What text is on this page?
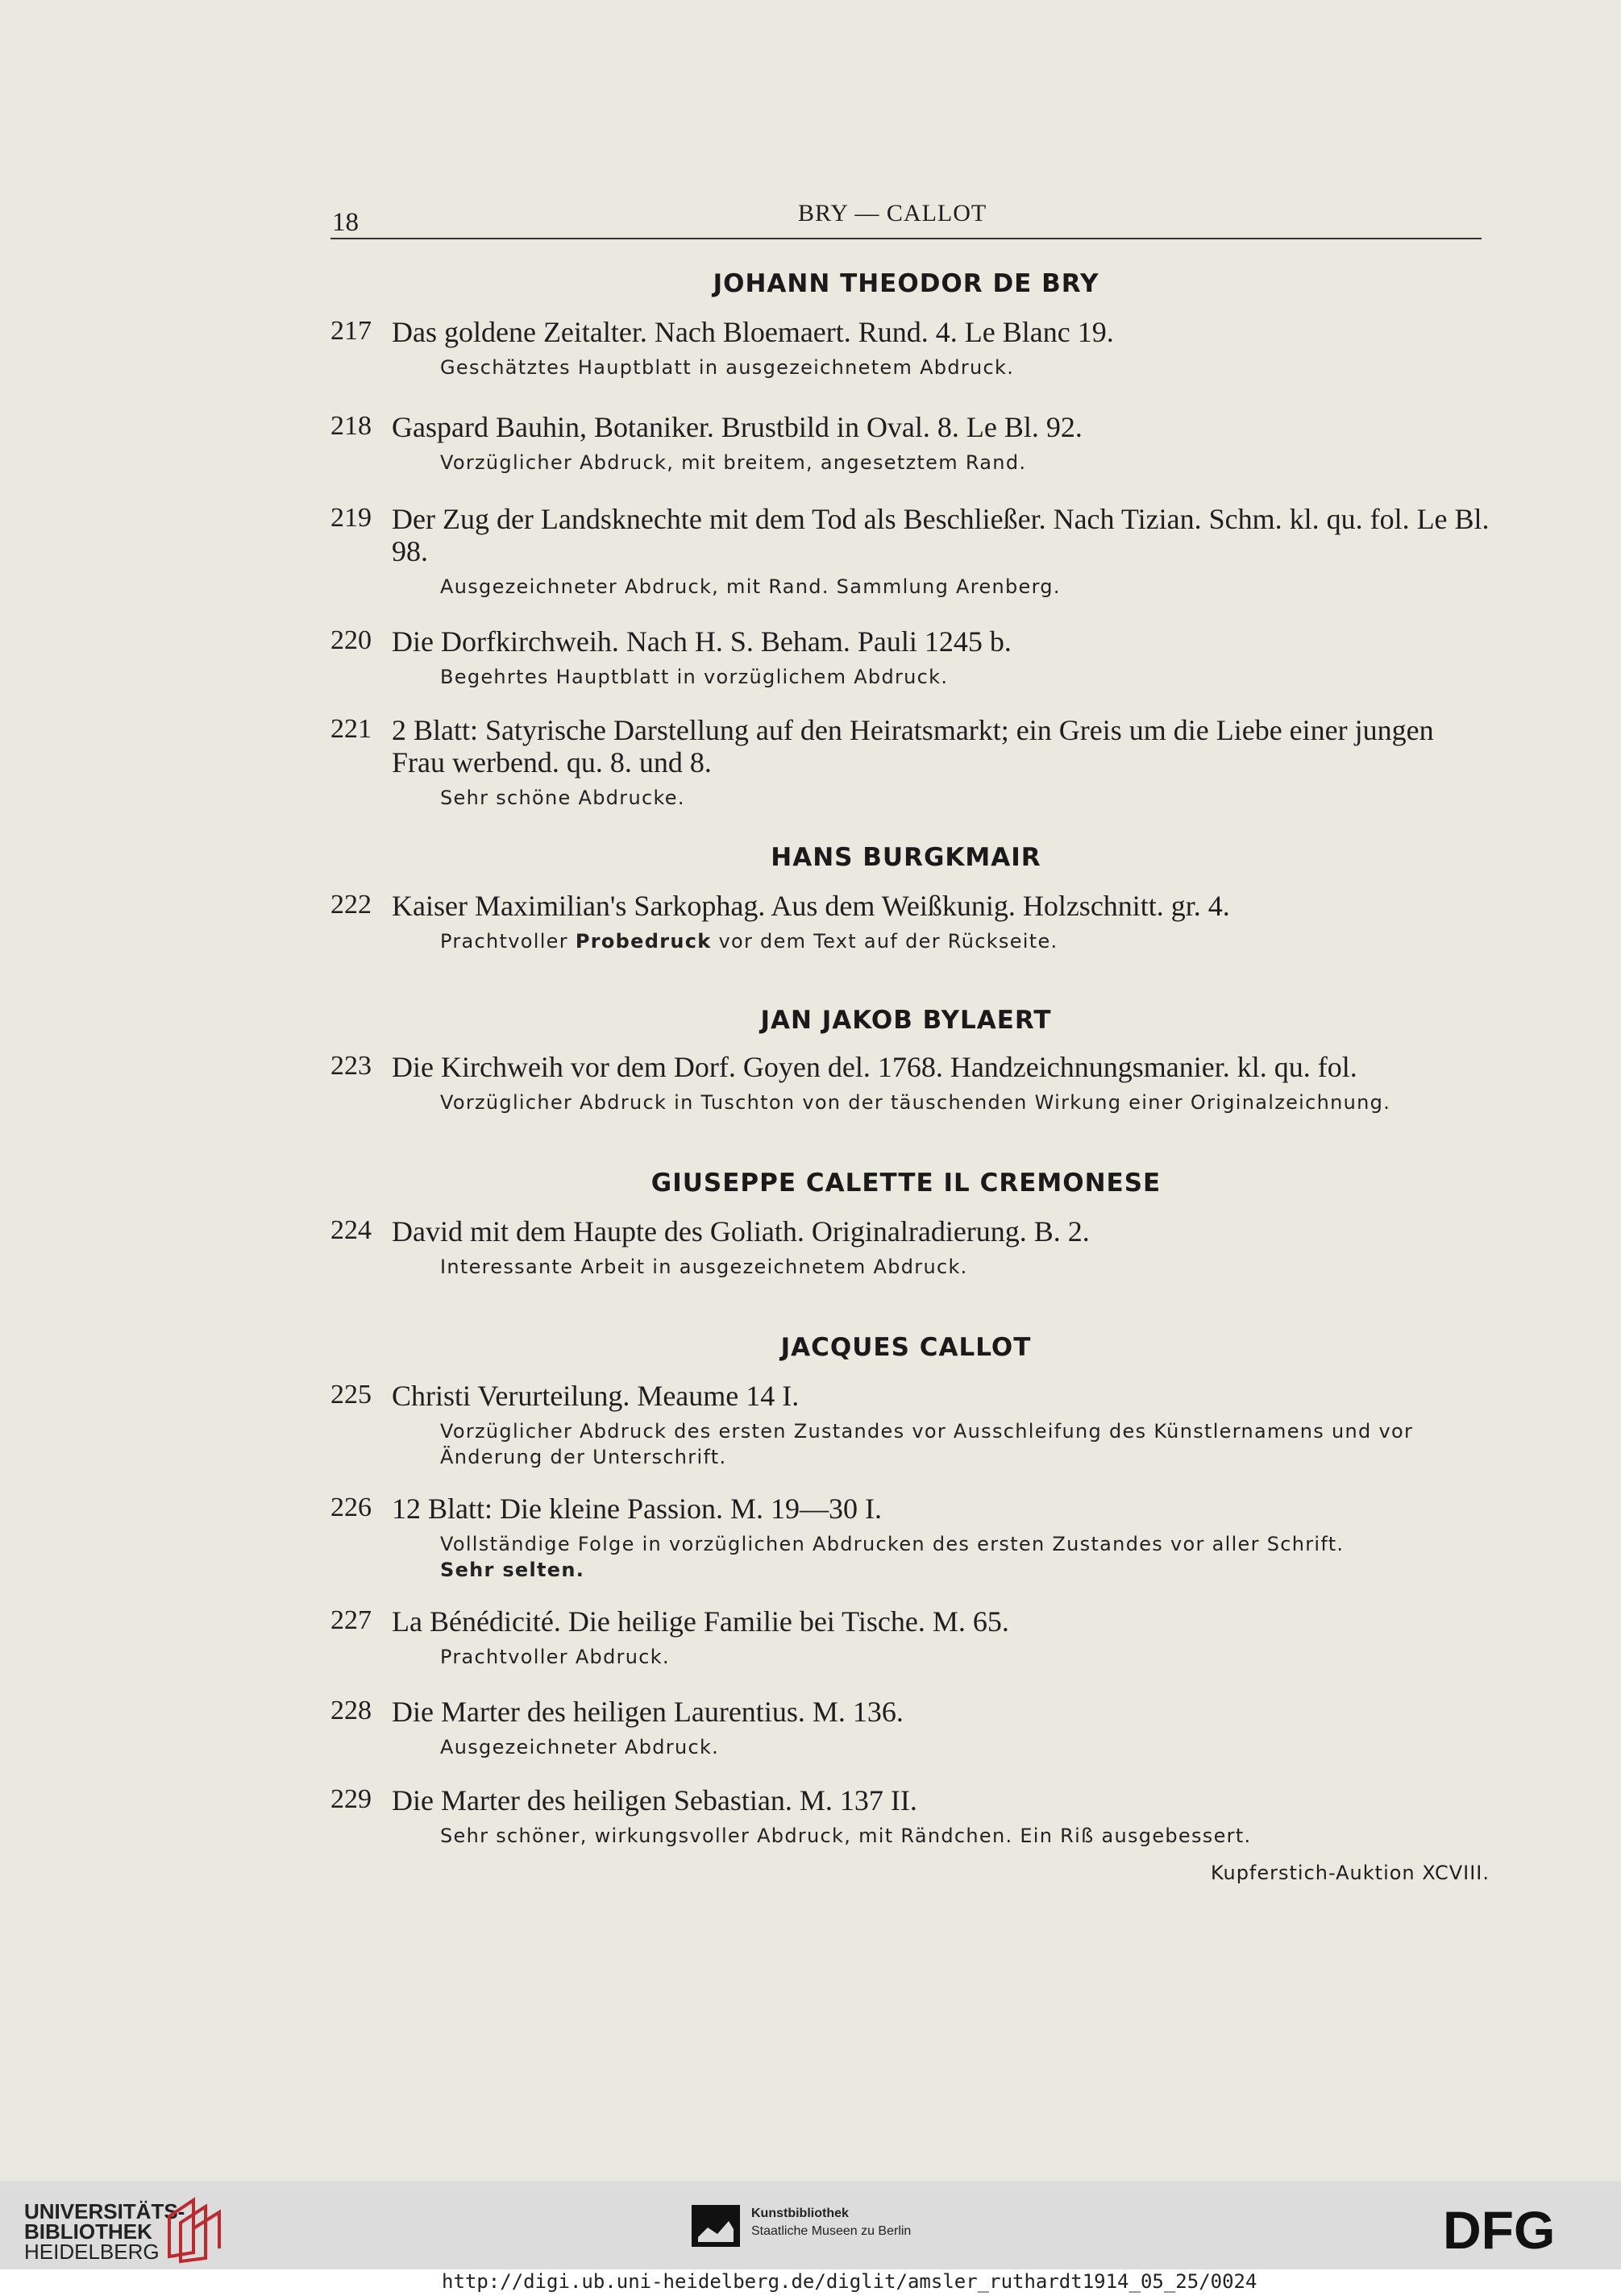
18	BRY — CALLOT
JOHANN THEODOR DE BRY
217 Das goldene Zeitalter. Nach Bloemaert. Rund. 4. Le Blanc 19.
Geschätztes Hauptblatt in ausgezeichnetem Abdruck.
218 Gaspard Bauhin, Botaniker. Brustbild in Oval. 8. Le Bl. 92.
Vorzüglicher Abdruck, mit breitem, angesetztem Rand.
219 Der Zug der Landsknechte mit dem Tod als Beschließer. Nach Tizian. Schm. kl. qu. fol. Le Bl. 98.
Ausgezeichneter Abdruck, mit Rand. Sammlung Arenberg.
220 Die Dorfkirchweih. Nach H. S. Beham. Pauli 1245 b.
Begehrtes Hauptblatt in vorzüglichem Abdruck.
221 2 Blatt: Satyrische Darstellung auf den Heiratsmarkt; ein Greis um die Liebe einer jungen Frau werbend. qu. 8. und 8.
Sehr schöne Abdrucke.
HANS BURGKMAIR
222 Kaiser Maximilian's Sarkophag. Aus dem Weißkunig. Holzschnitt. gr. 4.
Prachtvoller Probedruck vor dem Text auf der Rückseite.
JAN JAKOB BYLAERT
223 Die Kirchweih vor dem Dorf. Goyen del. 1768. Handzeichnungsmanier. kl. qu. fol.
Vorzüglicher Abdruck in Tuschton von der täuschenden Wirkung einer Originalzeichnung.
GIUSEPPE CALETTE IL CREMONESE
224 David mit dem Haupte des Goliath. Originalradierung. B. 2.
Interessante Arbeit in ausgezeichnetem Abdruck.
JACQUES CALLOT
225 Christi Verurteilung. Meaume 14 I.
Vorzüglicher Abdruck des ersten Zustandes vor Ausschleifung des Künstlernamens und vor Änderung der Unterschrift.
226 12 Blatt: Die kleine Passion. M. 19—30 I.
Vollständige Folge in vorzüglichen Abdrucken des ersten Zustandes vor aller Schrift.
Sehr selten.
227 La Bénédicité. Die heilige Familie bei Tische. M. 65.
Prachtvoller Abdruck.
228 Die Marter des heiligen Laurentius. M. 136.
Ausgezeichneter Abdruck.
229 Die Marter des heiligen Sebastian. M. 137 II.
Sehr schöner, wirkungsvoller Abdruck, mit Rändchen. Ein Riß ausgebessert.
Kupferstich-Auktion XCVIII.
UNIVERSITÄTS-
BIBLIOTHEK
HEIDELBERG
Kunstbibliothek
Staatliche Museen zu Berlin	DFG
http://digi.ub.uni-heidelberg.de/diglit/amsler_ruthardt1914_05_25/0024
